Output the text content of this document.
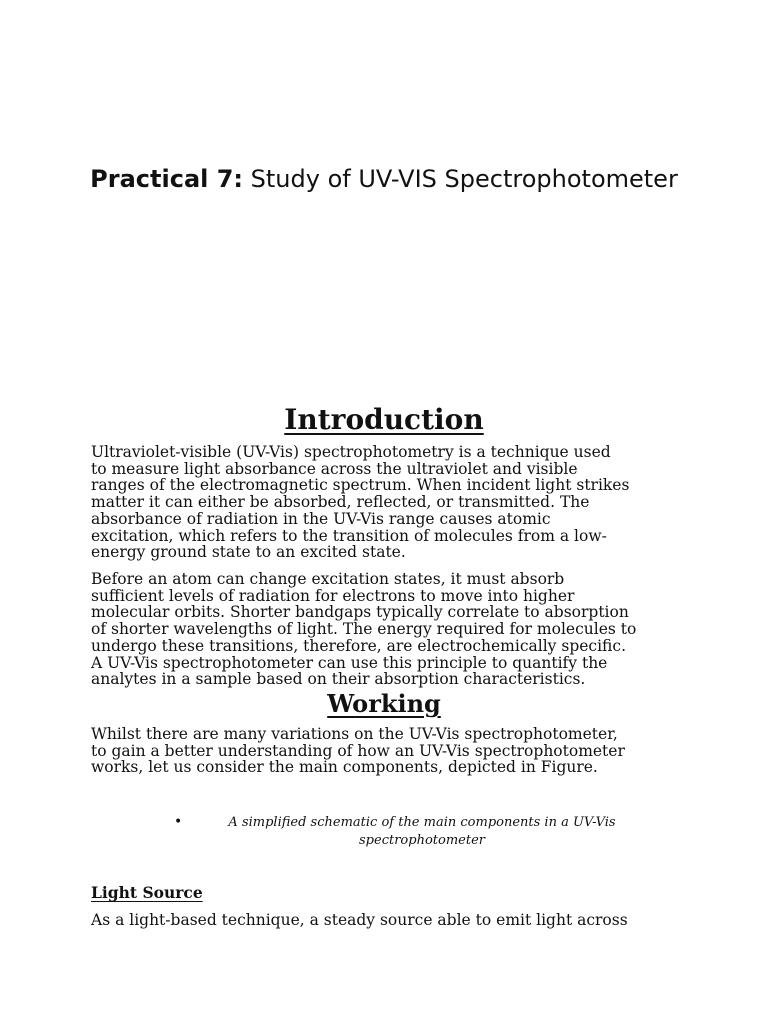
Practical 7: Study of UV-VIS Spectrophotometer
Introduction

Ultraviolet-visible (UV-Vis) spectrophotometry is a technique used
to measure light absorbance across the ultraviolet and visible
ranges of the electromagnetic spectrum. When incident light strikes
matter it can either be absorbed, reflected, or transmitted. The
absorbance of radiation in the UV-Vis range causes atomic
excitation, which refers to the transition of molecules from a low-
energy ground state to an excited state.

Before an atom can change excitation states, it must absorb
sufficient levels of radiation for electrons to move into higher
molecular orbits. Shorter bandgaps typically correlate to absorption
of shorter wavelengths of light. The energy required for molecules to
undergo these transitions, therefore, are electrochemically specific.
A UV-Vis spectrophotometer can use this principle to quantify the
analytes in a sample based on their absorption characteristics.

Working

Whilst there are many variations on the UV-Vis spectrophotometer,
to gain a better understanding of how an UV-Vis spectrophotometer
works, let us consider the main components, depicted in Figure.

•	A simplified schematic of the main components in a UV-Vis
spectrophotometer
Light Source

As a light-based technique, a steady source able to emit light across
